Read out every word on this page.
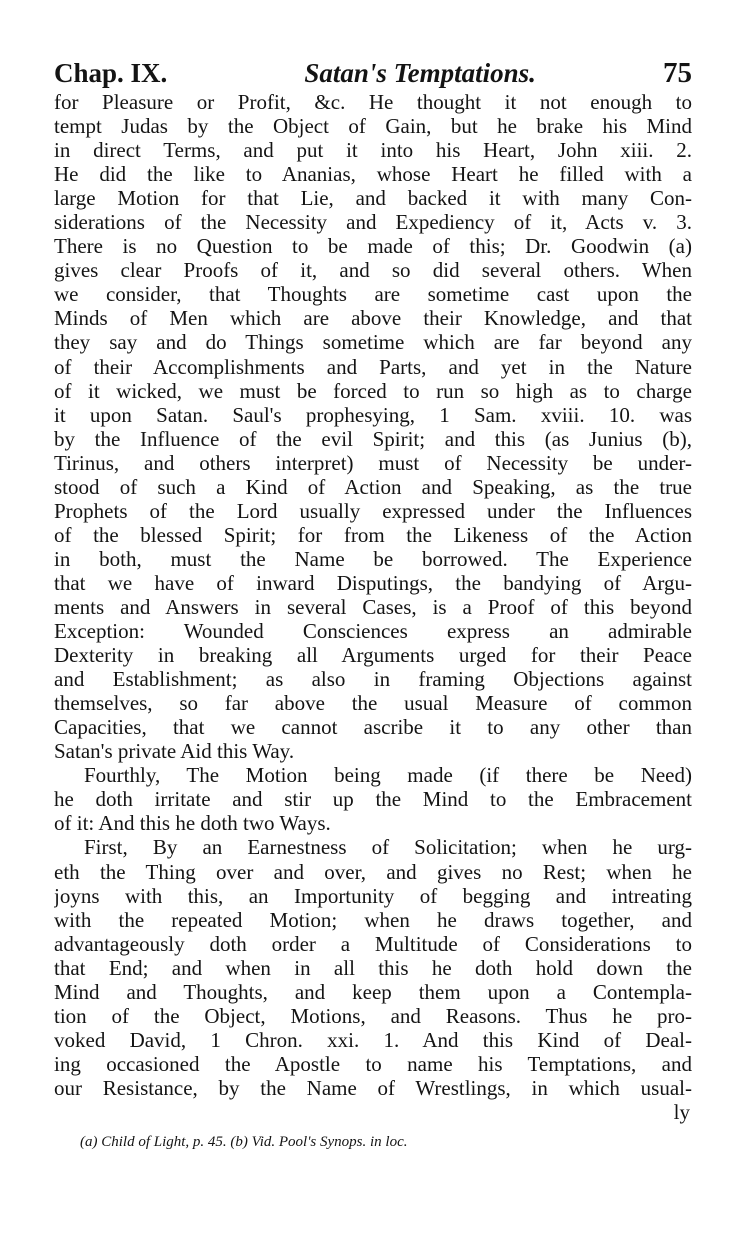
Chap. IX.	Satan's Temptations.	75
for Pleasure or Profit, &c. He thought it not enough to
tempt Judas by the Object of Gain, but he brake his Mind
in direct Terms, and put it into his Heart, John xiii. 2.
He did the like to Ananias, whose Heart he filled with a
large Motion for that Lie, and backed it with many Con-
siderations of the Necessity and Expediency of it, Acts v. 3.
There is no Question to be made of this; Dr. Goodwin (a)
gives clear Proofs of it, and so did several others. When
we consider, that Thoughts are sometime cast upon the
Minds of Men which are above their Knowledge, and that
they say and do Things sometime which are far beyond any
of their Accomplishments and Parts, and yet in the Nature
of it wicked, we must be forced to run so high as to charge
it upon Satan. Saul's prophesying, 1 Sam. xviii. 10. was
by the Influence of the evil Spirit; and this (as Junius (b),
Tirinus, and others interpret) must of Necessity be under-
stood of such a Kind of Action and Speaking, as the true
Prophets of the Lord usually expressed under the Influences
of the blessed Spirit; for from the Likeness of the Action
in both, must the Name be borrowed. The Experience
that we have of inward Disputings, the bandying of Argu-
ments and Answers in several Cases, is a Proof of this beyond
Exception: Wounded Consciences express an admirable
Dexterity in breaking all Arguments urged for their Peace
and Establishment; as also in framing Objections against
themselves, so far above the usual Measure of common
Capacities, that we cannot ascribe it to any other than
Satan's private Aid this Way.
Fourthly, The Motion being made (if there be Need)
he doth irritate and stir up the Mind to the Embracement
of it: And this he doth two Ways.
First, By an Earnestness of Solicitation; when he urg-
eth the Thing over and over, and gives no Rest; when he
joyns with this, an Importunity of begging and intreating
with the repeated Motion; when he draws together, and
advantageously doth order a Multitude of Considerations to
that End; and when in all this he doth hold down the
Mind and Thoughts, and keep them upon a Contempla-
tion of the Object, Motions, and Reasons. Thus he pro-
voked David, 1 Chron. xxi. 1. And this Kind of Deal-
ing occasioned the Apostle to name his Temptations, and
our Resistance, by the Name of Wrestlings, in which usual-
ly
(a) Child of Light, p. 45. (b) Vid. Pool's Synops. in loc.
